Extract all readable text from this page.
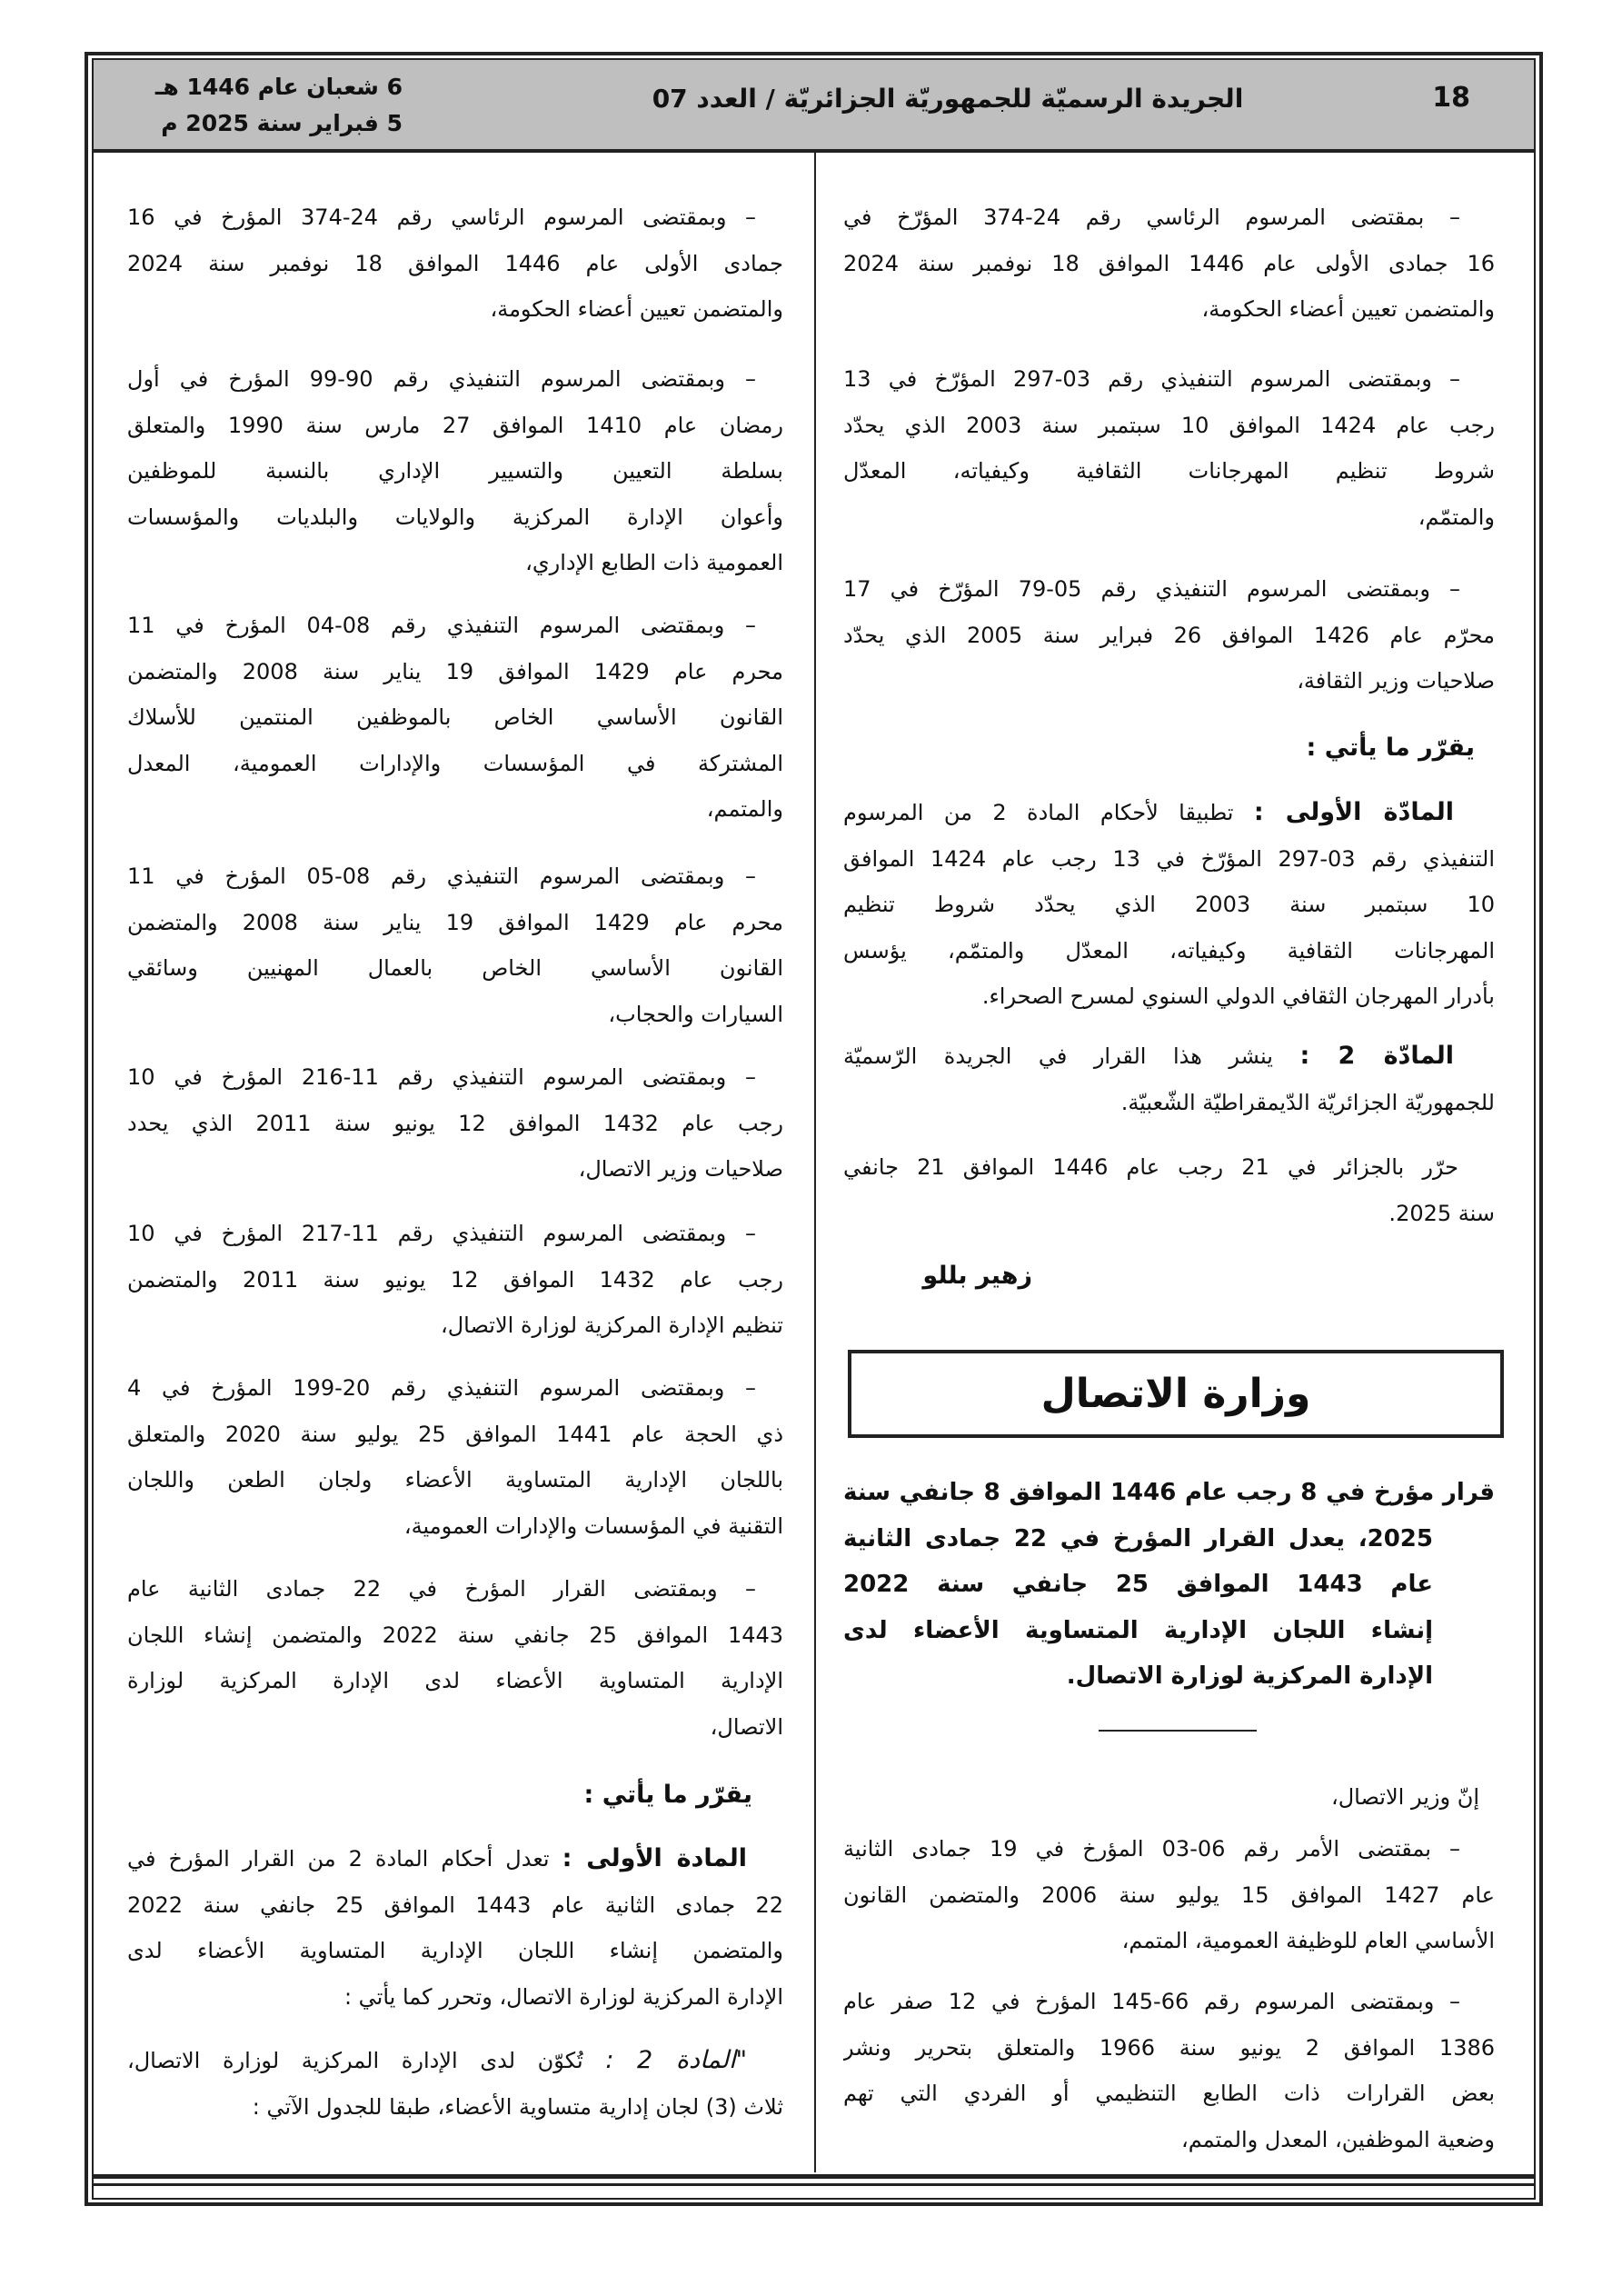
18
الجريدة الرسميّة للجمهوريّة الجزائريّة / العدد 07
6 شعبان عام 1446 هـ
5 فبراير سنة 2025 م
– بمقتضى المرسوم الرئاسي رقم 24-374 المؤرّخ في
16 جمادى الأولى عام 1446 الموافق 18 نوفمبر سنة 2024
والمتضمن تعيين أعضاء الحكومة،
– وبمقتضى المرسوم التنفيذي رقم 03-297 المؤرّخ في 13
رجب عام 1424 الموافق 10 سبتمبر سنة 2003 الذي يحدّد
شروط تنظيم المهرجانات الثقافية وكيفياته، المعدّل
والمتمّم،
– وبمقتضى المرسوم التنفيذي رقم 05-79 المؤرّخ في 17
محرّم عام 1426 الموافق 26 فبراير سنة 2005 الذي يحدّد
صلاحيات وزير الثقافة،
يقرّر ما يأتي :
المادّة الأولى : تطبيقا لأحكام المادة 2 من المرسوم
التنفيذي رقم 03-297 المؤرّخ في 13 رجب عام 1424 الموافق
10 سبتمبر سنة 2003 الذي يحدّد شروط تنظيم
المهرجانات الثقافية وكيفياته، المعدّل والمتمّم، يؤسس
بأدرار المهرجان الثقافي الدولي السنوي لمسرح الصحراء.
المادّة 2 : ينشر هذا القرار في الجريدة الرّسميّة
للجمهوريّة الجزائريّة الدّيمقراطيّة الشّعبيّة.
حرّر بالجزائر في 21 رجب عام 1446 الموافق 21 جانفي
سنة 2025.
زهير بللو
قرار مؤرخ في 8 رجب عام 1446 الموافق 8 جانفي سنة
2025، يعدل القرار المؤرخ في 22 جمادى الثانية
عام 1443 الموافق 25 جانفي سنة 2022
إنشاء اللجان الإدارية المتساوية الأعضاء لدى
الإدارة المركزية لوزارة الاتصال.
إنّ وزير الاتصال،
– بمقتضى الأمر رقم 06-03 المؤرخ في 19 جمادى الثانية
عام 1427 الموافق 15 يوليو سنة 2006 والمتضمن القانون
الأساسي العام للوظيفة العمومية، المتمم،
– وبمقتضى المرسوم رقم 66-145 المؤرخ في 12 صفر عام
1386 الموافق 2 يونيو سنة 1966 والمتعلق بتحرير ونشر
بعض القرارات ذات الطابع التنظيمي أو الفردي التي تهم
وضعية الموظفين، المعدل والمتمم،
– وبمقتضى المرسوم الرئاسي رقم 24-374 المؤرخ في 16
جمادى الأولى عام 1446 الموافق 18 نوفمبر سنة 2024
والمتضمن تعيين أعضاء الحكومة،
– وبمقتضى المرسوم التنفيذي رقم 90-99 المؤرخ في أول
رمضان عام 1410 الموافق 27 مارس سنة 1990 والمتعلق
بسلطة التعيين والتسيير الإداري بالنسبة للموظفين
وأعوان الإدارة المركزية والولايات والبلديات والمؤسسات
العمومية ذات الطابع الإداري،
– وبمقتضى المرسوم التنفيذي رقم 08-04 المؤرخ في 11
محرم عام 1429 الموافق 19 يناير سنة 2008 والمتضمن
القانون الأساسي الخاص بالموظفين المنتمين للأسلاك
المشتركة في المؤسسات والإدارات العمومية، المعدل
والمتمم،
– وبمقتضى المرسوم التنفيذي رقم 08-05 المؤرخ في 11
محرم عام 1429 الموافق 19 يناير سنة 2008 والمتضمن
القانون الأساسي الخاص بالعمال المهنيين وسائقي
السيارات والحجاب،
– وبمقتضى المرسوم التنفيذي رقم 11-216 المؤرخ في 10
رجب عام 1432 الموافق 12 يونيو سنة 2011 الذي يحدد
صلاحيات وزير الاتصال،
– وبمقتضى المرسوم التنفيذي رقم 11-217 المؤرخ في 10
رجب عام 1432 الموافق 12 يونيو سنة 2011 والمتضمن
تنظيم الإدارة المركزية لوزارة الاتصال،
– وبمقتضى المرسوم التنفيذي رقم 20-199 المؤرخ في 4
ذي الحجة عام 1441 الموافق 25 يوليو سنة 2020 والمتعلق
باللجان الإدارية المتساوية الأعضاء ولجان الطعن واللجان
التقنية في المؤسسات والإدارات العمومية،
– وبمقتضى القرار المؤرخ في 22 جمادى الثانية عام
1443 الموافق 25 جانفي سنة 2022 والمتضمن إنشاء اللجان
الإدارية المتساوية الأعضاء لدى الإدارة المركزية لوزارة
الاتصال،
يقرّر ما يأتي :
المادة الأولى : تعدل أحكام المادة 2 من القرار المؤرخ في
22 جمادى الثانية عام 1443 الموافق 25 جانفي سنة 2022
والمتضمن إنشاء اللجان الإدارية المتساوية الأعضاء لدى
الإدارة المركزية لوزارة الاتصال، وتحرر كما يأتي :
"المادة 2 : تُكوّن لدى الإدارة المركزية لوزارة الاتصال،
ثلاث (3) لجان إدارية متساوية الأعضاء، طبقا للجدول الآتي :
وزارة الاتصال
